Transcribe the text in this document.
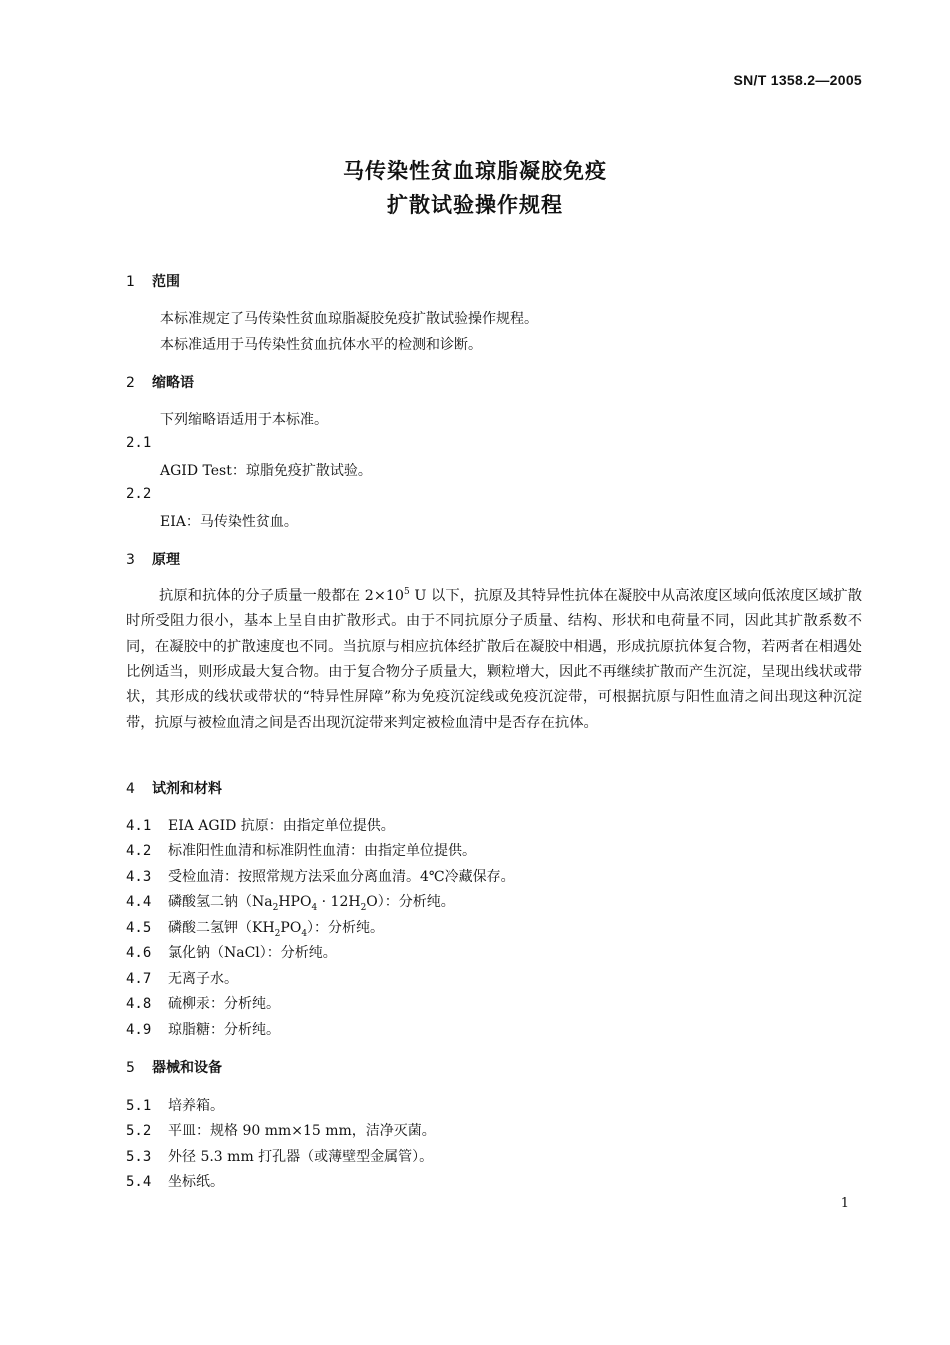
SN/T 1358.2—2005
马传染性贫血琼脂凝胶免疫
扩散试验操作规程
1 范围
本标准规定了马传染性贫血琼脂凝胶免疫扩散试验操作规程。
本标准适用于马传染性贫血抗体水平的检测和诊断。
2 缩略语
下列缩略语适用于本标准。
2.1
AGID Test：琼脂免疫扩散试验。
2.2
EIA：马传染性贫血。
3 原理
抗原和抗体的分子质量一般都在 $2\times 10^5$ U 以下，抗原及其特异性抗体在凝胶中从高浓度区域向低浓度区域扩散时所受阻力很小，基本上呈自由扩散形式。由于不同抗原分子质量、结构、形状和电荷量不同，因此其扩散系数不同，在凝胶中的扩散速度也不同。当抗原与相应抗体经扩散后在凝胶中相遇，形成抗原抗体复合物，若两者在相遇处比例适当，则形成最大复合物。由于复合物分子质量大，颗粒增大，因此不再继续扩散而产生沉淀，呈现出线状或带状，其形成的线状或带状的“特异性屏障”称为免疫沉淀线或免疫沉淀带，可根据抗原与阳性血清之间出现这种沉淀带，抗原与被检血清之间是否出现沉淀带来判定被检血清中是否存在抗体。
4 试剂和材料
4.1 EIA AGID 抗原：由指定单位提供。
4.2 标准阳性血清和标准阴性血清：由指定单位提供。
4.3 受检血清：按照常规方法采血分离血清。4℃冷藏保存。
4.4 磷酸氢二钠$(Na_2HPO_4 \cdot 12H_2O)$：分析纯。
4.5 磷酸二氢钾$(KH_2PO_4)$：分析纯。
4.6 氯化钠（NaCl）：分析纯。
4.7 无离子水。
4.8 硫柳汞：分析纯。
4.9 琼脂糖：分析纯。
5 器械和设备
5.1 培养箱。
5.2 平皿：规格 90 mm×15 mm，洁净灭菌。
5.3 外径 5.3 mm 打孔器（或薄壁型金属管）。
5.4 坐标纸。
1
